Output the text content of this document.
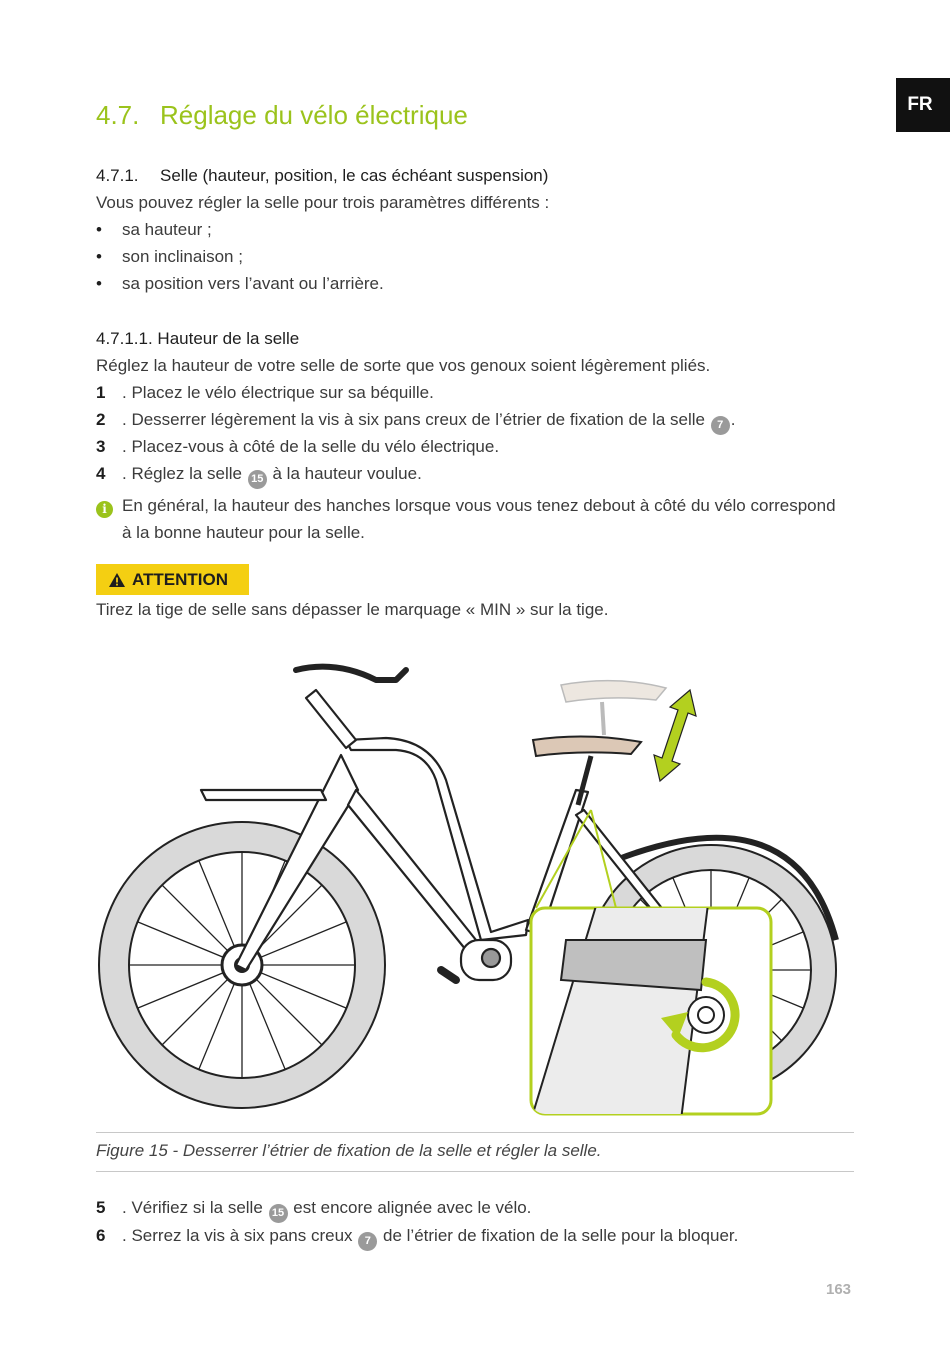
FR
4.7. Réglage du vélo électrique
4.7.1. Selle (hauteur, position, le cas échéant suspension)
Vous pouvez régler la selle pour trois paramètres différents :
• sa hauteur ;
• son inclinaison ;
• sa position vers l’avant ou l’arrière.
4.7.1.1. Hauteur de la selle
Réglez la hauteur de votre selle de sorte que vos genoux soient légèrement pliés.
1 . Placez le vélo électrique sur sa béquille.
2 . Desserrer légèrement la vis à six pans creux de l’étrier de fixation de la selle 7 .
3 . Placez-vous à côté de la selle du vélo électrique.
4 . Réglez la selle 15 à la hauteur voulue.
i En général, la hauteur des hanches lorsque vous vous tenez debout à côté du vélo correspond
à la bonne hauteur pour la selle.
ATTENTION
Tirez la tige de selle sans dépasser le marquage « MIN » sur la tige.
Figure 15 - Desserrer l’étrier de fixation de la selle et régler la selle.
5 . Vérifiez si la selle 15 est encore alignée avec le vélo.
6 . Serrez la vis à six pans creux 7 de l’étrier de fixation de la selle pour la bloquer.
163
